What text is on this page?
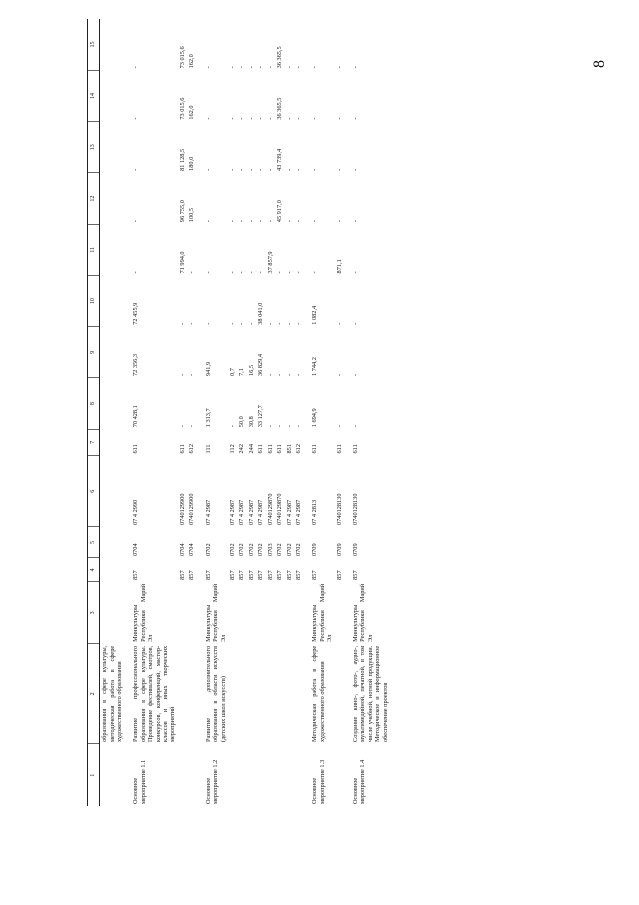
8
1	2	3	4	5	6	7	8	9	10	11	12	13	14	15
	образования в сфере культуры, методическая работа в сфере художественного образования													
Основное мероприятие 1.1	Развитие профессионального образования в сфере культуры. Проведение фестивалей, смотров, конкурсов, конференций, мастер-классов и иных творческих мероприятий	Минкультуры Республики Марий Эл	857	0704	07 4 2990	611	70 428,1	72 356,3	72 455,9	-	-	-	-	-
			857	0704	0740129900	611	-	-	-	71 994,0	96 755,0	81 128,5	73 015,6	73 015,6
			857	0704	0740129900	612	-	-	-	-	100,5	180,0	162,0	162,0
Основное мероприятие 1.2	Развитие дополнительного образования в области искусств (детских школ искусств)	Минкультуры Республики Марий Эл	857	0702	07 4 2987	111	1 313,7	941,9	-	-	-	-	-	-
			857	0702	07 4 2987	112	-	0,7	-	-	-	-	-	-
			857	0702	07 4 2987	242	50,0	7,1	-	-	-	-	-	-
			857	0702	07 4 2987	244	30,8	16,5	-	-	-	-	-	-
			857	0702	07 4 2987	611	33 127,7	36 829,4	38 041,0	-	-	-	-	-
			857	0703	0740129870	611	-	-	-	37 857,9	-	-	-	-
			857	0702	0740129870	611	-	-	-	-	45 917,0	43 739,4	36 365,5	36 365,5
			857	0702	07 4 2987	851	-	-	-	-	-	-	-	-
			857	0702	07 4 2987	612	-	-	-	-	-	-	-	-
Основное мероприятие 1.3	Методическая работа в сфере художественного образования	Минкультуры Республики Марий Эл	857	0709	07 4 2813	611	1 694,9	1 744,2	1 082,4	-	-	-	-	-
			857	0709	0740128130	611	-	-	-	871,1	-	-	-	-
Основное мероприятие 1.4	Создание кино-, фото-, аудио-, мультимедийной, печатной, в том числе учебной, нотной продукции. Методическое и информационное обеспечение проектов	Минкультуры Республики Марий Эл	857	0709	0740128130	611	-	-	-	-	-	-	-	-
